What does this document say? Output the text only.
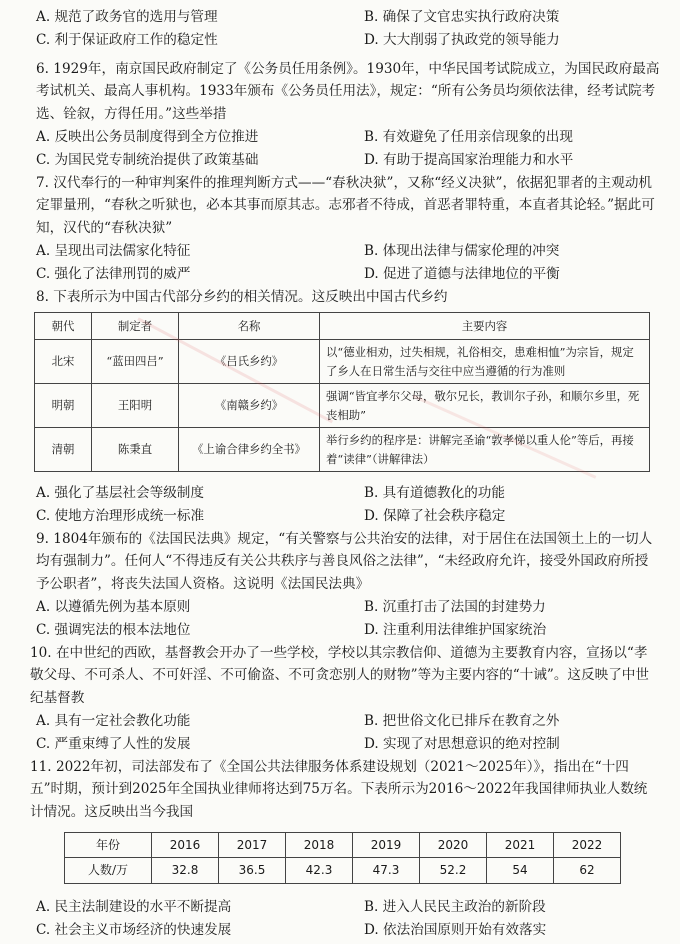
A. 规范了政务官的选用与管理	B. 确保了文官忠实执行政府决策
C. 利于保证政府工作的稳定性	D. 大大削弱了执政党的领导能力

6. 1929年，南京国民政府制定了《公务员任用条例》。1930年，中华民国考试院成立，为国民政府最高考试机关、最高人事机构。1933年颁布《公务员任用法》，规定：“所有公务员均须依法律，经考试院考选、铨叙，方得任用。”这些举措

A. 反映出公务员制度得到全方位推进	B. 有效避免了任用亲信现象的出现
C. 为国民党专制统治提供了政策基础	D. 有助于提高国家治理能力和水平

7. 汉代奉行的一种审判案件的推理判断方式——“春秋决狱”，又称“经义决狱”，依据犯罪者的主观动机定罪量刑，“春秋之听狱也，必本其事而原其志。志邪者不待成，首恶者罪特重，本直者其论轻。”据此可知，汉代的“春秋决狱”

A. 呈现出司法儒家化特征	B. 体现出法律与儒家伦理的冲突
C. 强化了法律刑罚的威严	D. 促进了道德与法律地位的平衡

8. 下表所示为中国古代部分乡约的相关情况。这反映出中国古代乡约

朝代	制定者	名称	主要内容
北宋	“蓝田四吕”	《吕氏乡约》	以“德业相劝，过失相规，礼俗相交，患难相恤”为宗旨，规定了乡人在日常生活与交往中应当遵循的行为准则
明朝	王阳明	《南赣乡约》	强调“皆宜孝尔父母，敬尔兄长，教训尔子孙，和顺尔乡里，死丧相助”
清朝	陈秉直	《上谕合律乡约全书》	举行乡约的程序是：讲解完圣谕“敦孝悌以重人伦”等后，再接着“读律”（讲解律法）
A. 强化了基层社会等级制度	B. 具有道德教化的功能
C. 使地方治理形成统一标准	D. 保障了社会秩序稳定

9. 1804年颁布的《法国民法典》规定，“有关警察与公共治安的法律，对于居住在法国领土上的一切人均有强制力”。任何人“不得违反有关公共秩序与善良风俗之法律”，“未经政府允许，接受外国政府所授予公职者”，将丧失法国人资格。这说明《法国民法典》

A. 以遵循先例为基本原则	B. 沉重打击了法国的封建势力
C. 强调宪法的根本法地位	D. 注重利用法律维护国家统治

10. 在中世纪的西欧，基督教会开办了一些学校，学校以其宗教信仰、道德为主要教育内容，宣扬以“孝敬父母、不可杀人、不可奸淫、不可偷盗、不可贪恋别人的财物”等为主要内容的“十诫”。这反映了中世纪基督教

A. 具有一定社会教化功能	B. 把世俗文化已排斥在教育之外
C. 严重束缚了人性的发展	D. 实现了对思想意识的绝对控制

11. 2022年初，司法部发布了《全国公共法律服务体系建设规划（2021～2025年）》，指出在“十四五”时期，预计到2025年全国执业律师将达到75万名。下表所示为2016～2022年我国律师执业人数统计情况。这反映出当今我国

年份	2016	2017	2018	2019	2020	2021	2022
人数/万	32.8	36.5	42.3	47.3	52.2	54	62
A. 民主法制建设的水平不断提高	B. 进入人民民主政治的新阶段
C. 社会主义市场经济的快速发展	D. 依法治国原则开始有效落实
